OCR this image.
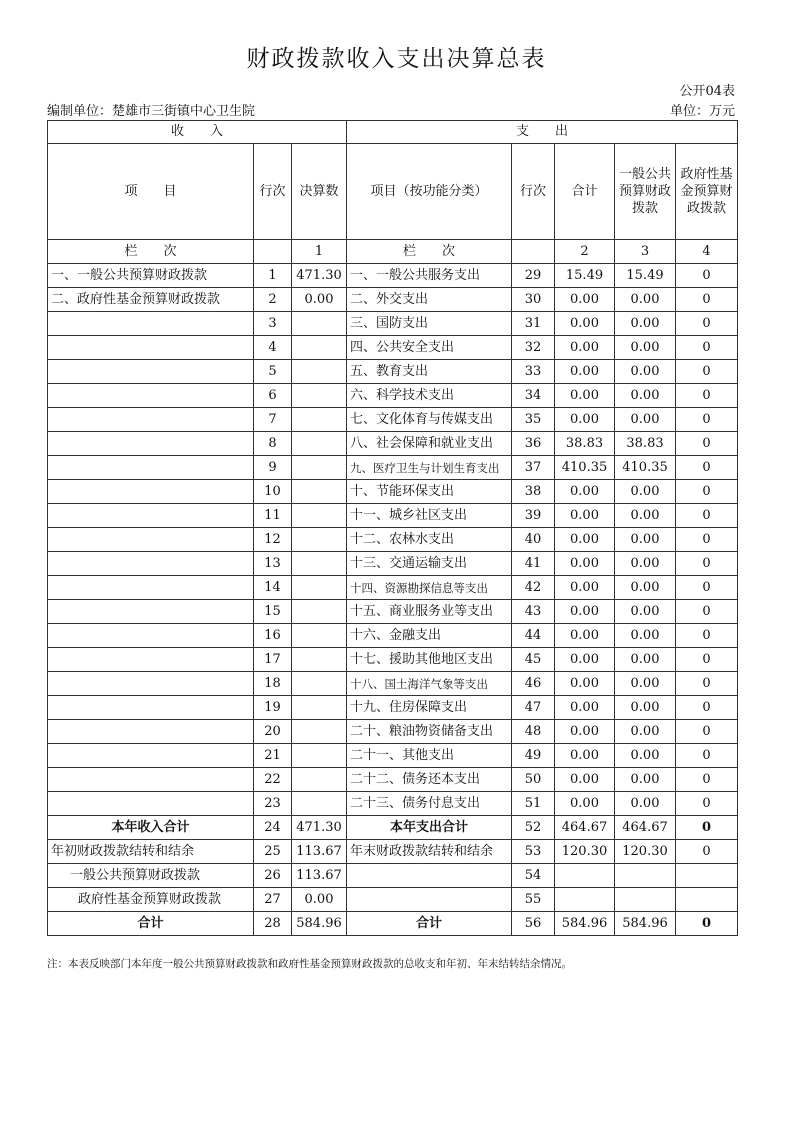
财政拨款收入支出决算总表
公开04表
编制单位：楚雄市三街镇中心卫生院	单位：万元
收　　入			支　　出				
项　　目	行次	决算数	项目（按功能分类）	行次	合计	一般公共预算财政拨款	政府性基金预算财政拨款
栏　　次		1	栏　　次		2	3	4
一、一般公共预算财政拨款	1	471.30	一、一般公共服务支出	29	15.49	15.49	0
二、政府性基金预算财政拨款	2	0.00	二、外交支出	30	0.00	0.00	0
	3		三、国防支出	31	0.00	0.00	0
	4		四、公共安全支出	32	0.00	0.00	0
	5		五、教育支出	33	0.00	0.00	0
	6		六、科学技术支出	34	0.00	0.00	0
	7		七、文化体育与传媒支出	35	0.00	0.00	0
	8		八、社会保障和就业支出	36	38.83	38.83	0
	9		九、医疗卫生与计划生育支出	37	410.35	410.35	0
	10		十、节能环保支出	38	0.00	0.00	0
	11		十一、城乡社区支出	39	0.00	0.00	0
	12		十二、农林水支出	40	0.00	0.00	0
	13		十三、交通运输支出	41	0.00	0.00	0
	14		十四、资源勘探信息等支出	42	0.00	0.00	0
	15		十五、商业服务业等支出	43	0.00	0.00	0
	16		十六、金融支出	44	0.00	0.00	0
	17		十七、援助其他地区支出	45	0.00	0.00	0
	18		十八、国土海洋气象等支出	46	0.00	0.00	0
	19		十九、住房保障支出	47	0.00	0.00	0
	20		二十、粮油物资储备支出	48	0.00	0.00	0
	21		二十一、其他支出	49	0.00	0.00	0
	22		二十二、债务还本支出	50	0.00	0.00	0
	23		二十三、债务付息支出	51	0.00	0.00	0
本年收入合计	24	471.30	本年支出合计	52	464.67	464.67	0
年初财政拨款结转和结余	25	113.67	年末财政拨款结转和结余	53	120.30	120.30	0
一般公共预算财政拨款	26	113.67		54			
政府性基金预算财政拨款	27	0.00		55			
合计	28	584.96	合计	56	584.96	584.96	0
注：本表反映部门本年度一般公共预算财政拨款和政府性基金预算财政拨款的总收支和年初、年末结转结余情况。
